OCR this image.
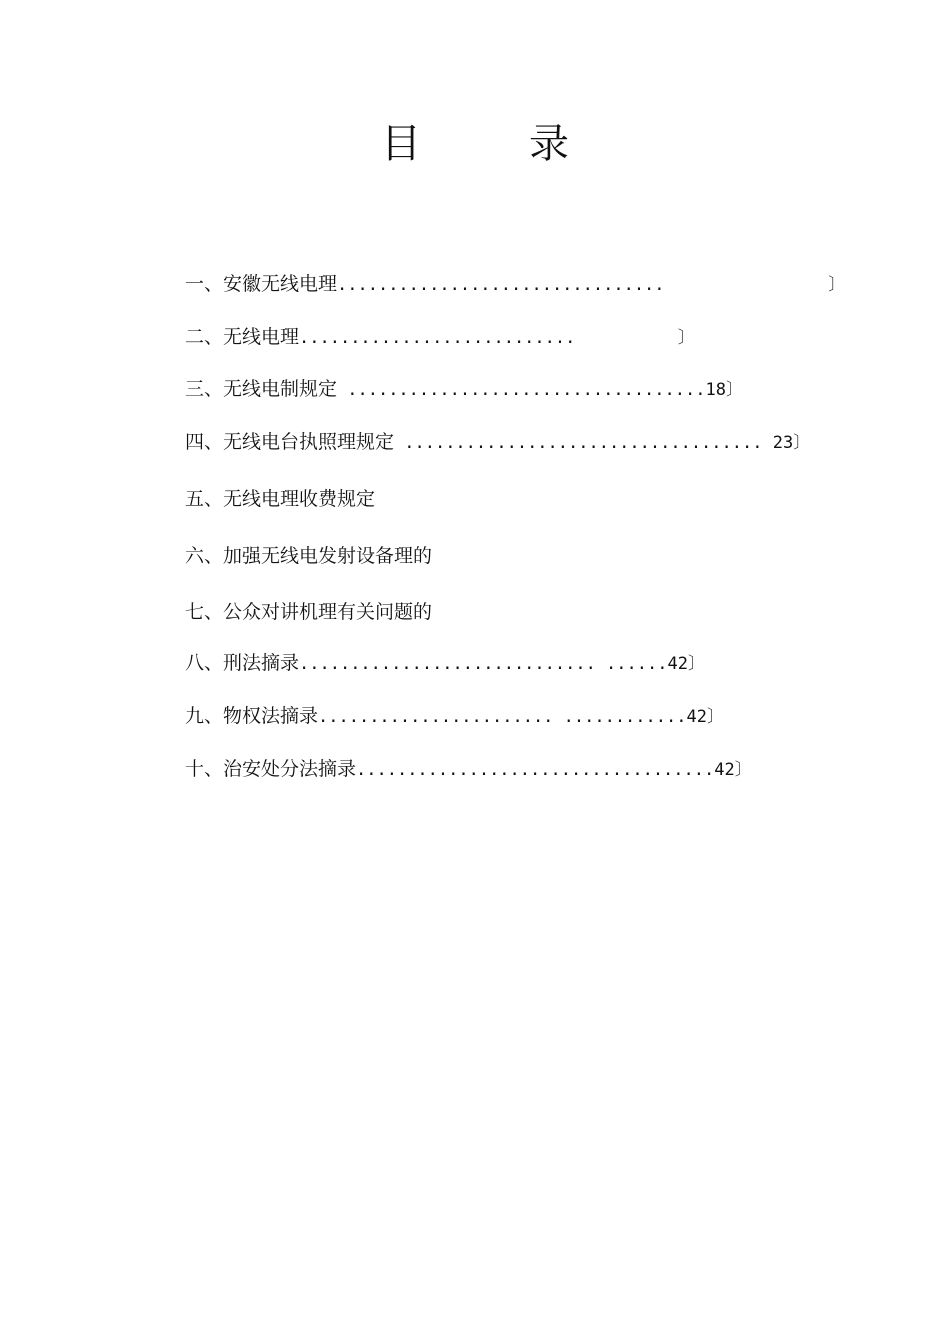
目　录
一、安徽无线电理................................                〕
二、无线电理...........................          〕
三、无线电制规定 ...................................18〕
四、无线电台执照理规定 ................................... 23〕
五、无线电理收费规定
六、加强无线电发射设备理的
七、公众对讲机理有关问题的
八、刑法摘录............................. ......42〕
九、物权法摘录....................... ............42〕
十、治安处分法摘录...................................42〕
